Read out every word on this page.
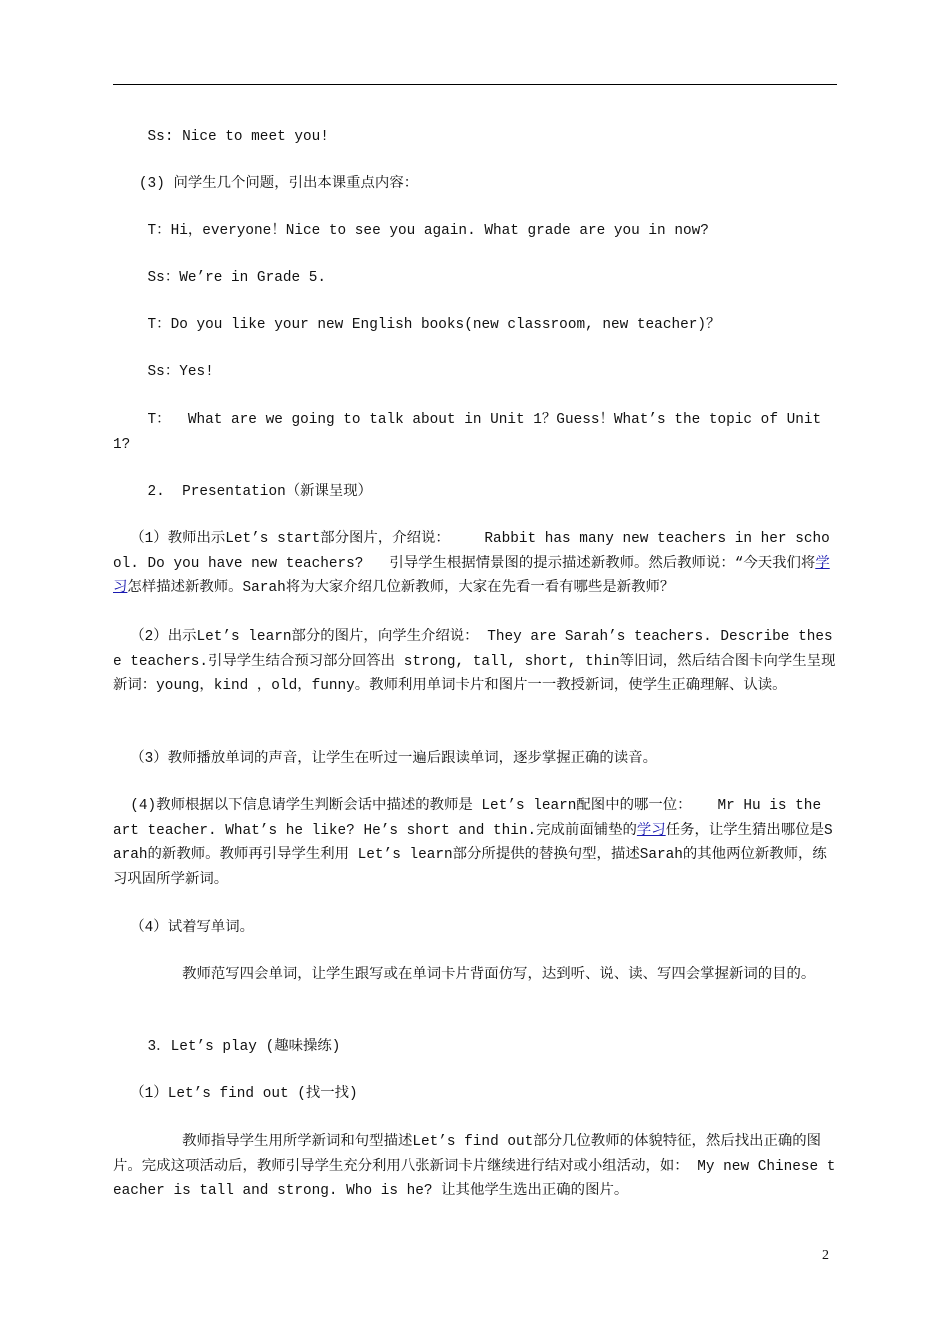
Ss: Nice to meet you!
(3) 问学生几个问题，引出本课重点内容：
T：Hi，everyone！Nice to see you again. What grade are you in now?
Ss：We’re in Grade 5.
T：Do you like your new English books(new classroom, new teacher)？
Ss：Yes!
T：  What are we going to talk about in Unit 1？Guess！What’s the topic of Unit 1?
2.  Presentation（新课呈现）
（1）教师出示Let’s start部分图片，介绍说：    Rabbit has many new teachers in her school. Do you have new teachers?   引导学生根据情景图的提示描述新教师。然后教师说：“今天我们将学习怎样描述新教师。Sarah将为大家介绍几位新教师，大家在先看一看有哪些是新教师？
（2）出示Let’s learn部分的图片，向学生介绍说： They are Sarah’s teachers. Describe these teachers.引导学生结合预习部分回答出 strong, tall, short, thin等旧词，然后结合图卡向学生呈现新词：young，kind ，old，funny。教师利用单词卡片和图片一一教授新词，使学生正确理解、认读。
（3）教师播放单词的声音，让学生在听过一遍后跟读单词，逐步掌握正确的读音。
(4)教师根据以下信息请学生判断会话中描述的教师是 Let’s learn配图中的哪一位：   Mr Hu is the art teacher. What’s he like? He’s short and thin.完成前面铺垫的学习任务，让学生猜出哪位是Sarah的新教师。教师再引导学生利用 Let’s learn部分所提供的替换句型，描述Sarah的其他两位新教师，练习巩固所学新词。
（4）试着写单词。
教师范写四会单词，让学生跟写或在单词卡片背面仿写，达到听、说、读、写四会掌握新词的目的。
3．Let’s play (趣味操练)
（1）Let’s find out (找一找)
教师指导学生用所学新词和句型描述Let’s find out部分几位教师的体貌特征，然后找出正确的图片。完成这项活动后，教师引导学生充分利用八张新词卡片继续进行结对或小组活动，如： My new Chinese teacher is tall and strong. Who is he? 让其他学生选出正确的图片。
2
